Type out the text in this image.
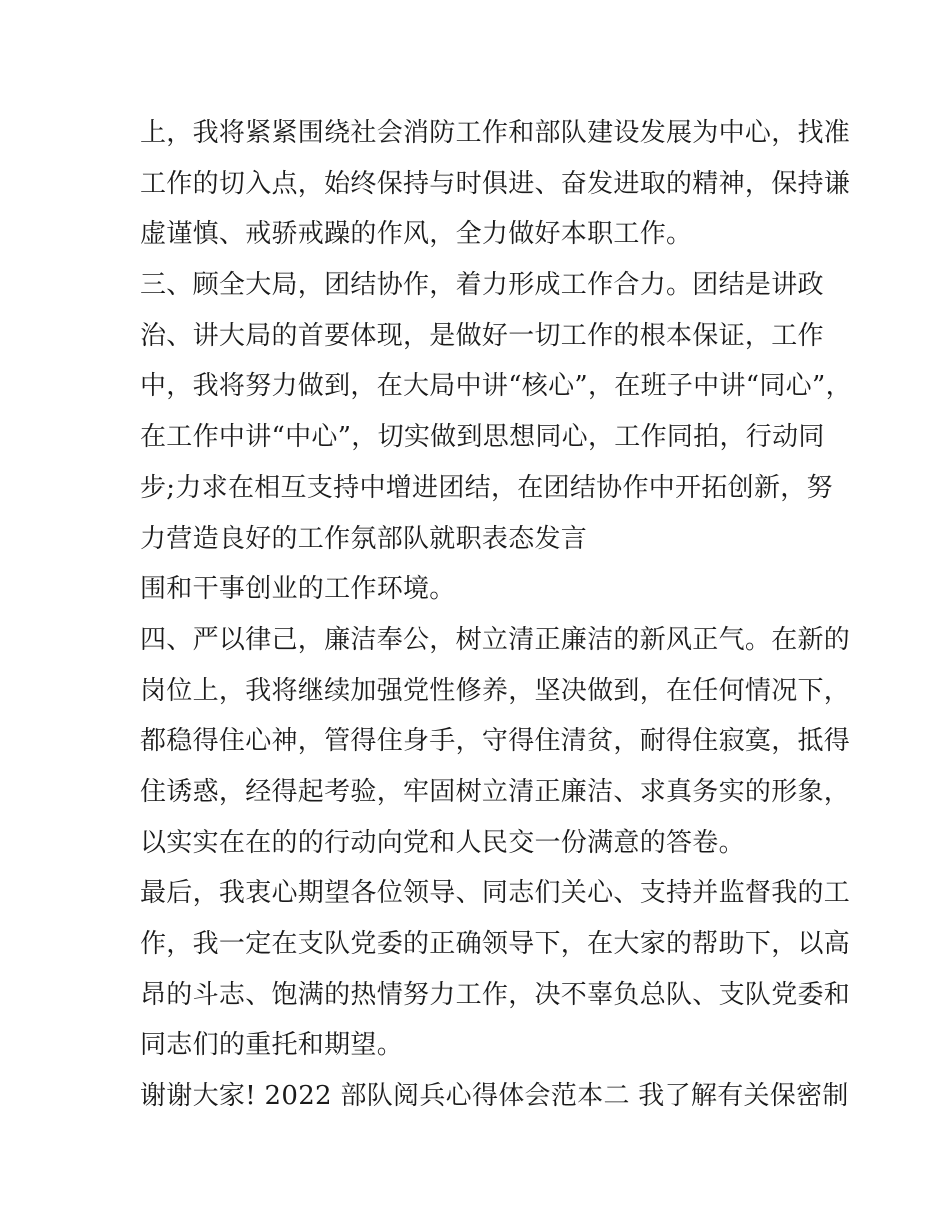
上，我将紧紧围绕社会消防工作和部队建设发展为中心，找准
工作的切入点，始终保持与时俱进、奋发进取的精神，保持谦
虚谨慎、戒骄戒躁的作风，全力做好本职工作。
三、顾全大局，团结协作，着力形成工作合力。团结是讲政
治、讲大局的首要体现，是做好一切工作的根本保证，工作
中，我将努力做到，在大局中讲“核心”，在班子中讲“同心”，
在工作中讲“中心”，切实做到思想同心，工作同拍，行动同
步;力求在相互支持中增进团结，在团结协作中开拓创新，努
力营造良好的工作氛部队就职表态发言
围和干事创业的工作环境。
四、严以律己，廉洁奉公，树立清正廉洁的新风正气。在新的
岗位上，我将继续加强党性修养，坚决做到，在任何情况下，
都稳得住心神，管得住身手，守得住清贫，耐得住寂寞，抵得
住诱惑，经得起考验，牢固树立清正廉洁、求真务实的形象，
以实实在在的的行动向党和人民交一份满意的答卷。
最后，我衷心期望各位领导、同志们关心、支持并监督我的工
作，我一定在支队党委的正确领导下，在大家的帮助下，以高
昂的斗志、饱满的热情努力工作，决不辜负总队、支队党委和
同志们的重托和期望。
谢谢大家! 2022 部队阅兵心得体会范本二 我了解有关保密制
